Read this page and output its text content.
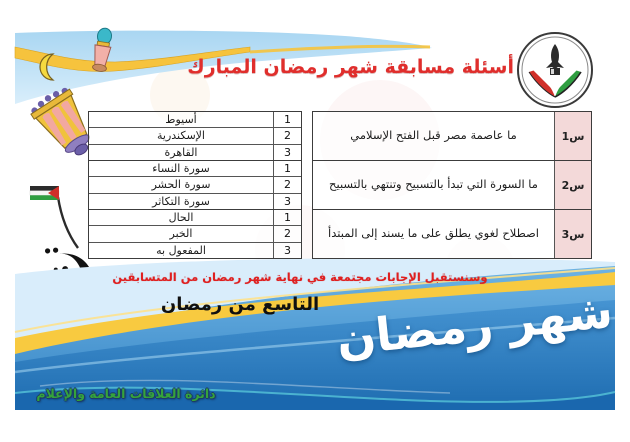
أسئلة مسابقة شهر رمضان المبارك
أسيوط	1
الإسكندرية	2
القاهرة	3
سورة النساء	1
سورة الحشر	2
سورة التكاثر	3
الحال	1
الخبر	2
المفعول به	3
ما عاصمة مصر قبل الفتح الإسلامي	س1
ما السورة التي تبدأ بالتسبيح وتنتهي بالتسبيح	س2
اصطلاح لغوي يطلق على ما يسند إلى المبتدأ	س3
وسنستقبل الإجابات مجتمعة في نهاية شهر رمضان من المتسابقين
التاسع من رمضان شهر رمضان
دائرة العلاقات العامة والإعلام
